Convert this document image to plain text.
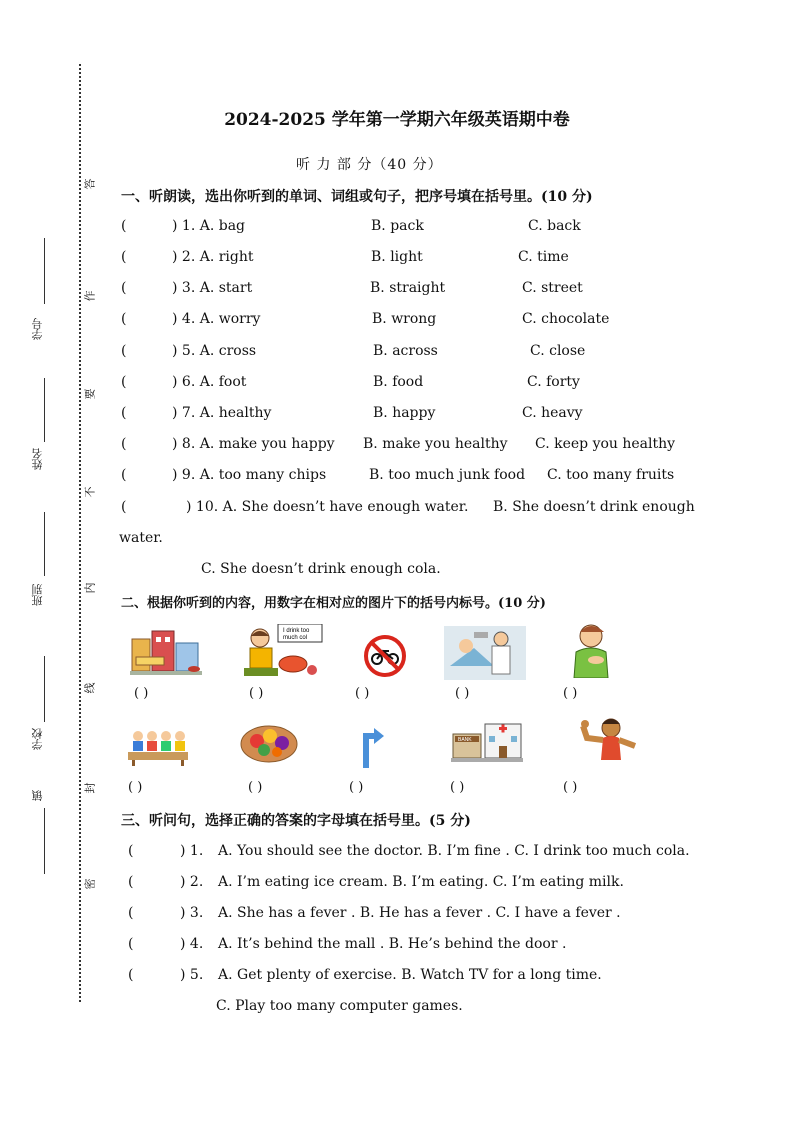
学号
姓名
班别
学校
镇
答
作
要
不
内
线
封
密
2024-2025 学年第一学期六年级英语期中卷
听 力 部 分（40 分）
一、听朗读，选出你听到的单词、词组或句子，把序号填在括号里。(10 分)
(	) 1. A. bag	B. pack	C. back
(	) 2. A. right	B. light	C. time
(	) 3. A. start	B. straight	C. street
(	) 4. A. worry	B. wrong	C. chocolate
(	) 5. A. cross	B. across	C. close
(	) 6. A. foot	B. food	C. forty
(	) 7. A. healthy	B. happy	C. heavy
(	) 8. A. make you happy B. make you healthy C. keep you healthy
(	) 9. A. too many chips	B. too much junk food C. too many fruits
(	) 10. A. She doesn’t have enough water. B. She doesn’t drink enough
water.
C. She doesn’t drink enough cola.
二、根据你听到的内容，用数字在相对应的图片下的括号内标号。(10 分)
I drink too
much col
( )	( )	( )	( )	( )
BANK
( )	( )	( )	( )	( )
三、听问句，选择正确的答案的字母填在括号里。(5 分)
(	) 1. A. You should see the doctor. B. I’m fine . C. I drink too much cola.
(	) 2. A. I’m eating ice cream. B. I’m eating. C. I’m eating milk.
(	) 3. A. She has a fever . B. He has a fever . C. I have a fever .
(	) 4. A. It’s behind the mall . B. He’s behind the door .
(	) 5. A. Get plenty of exercise. B. Watch TV for a long time.
C. Play too many computer games.
